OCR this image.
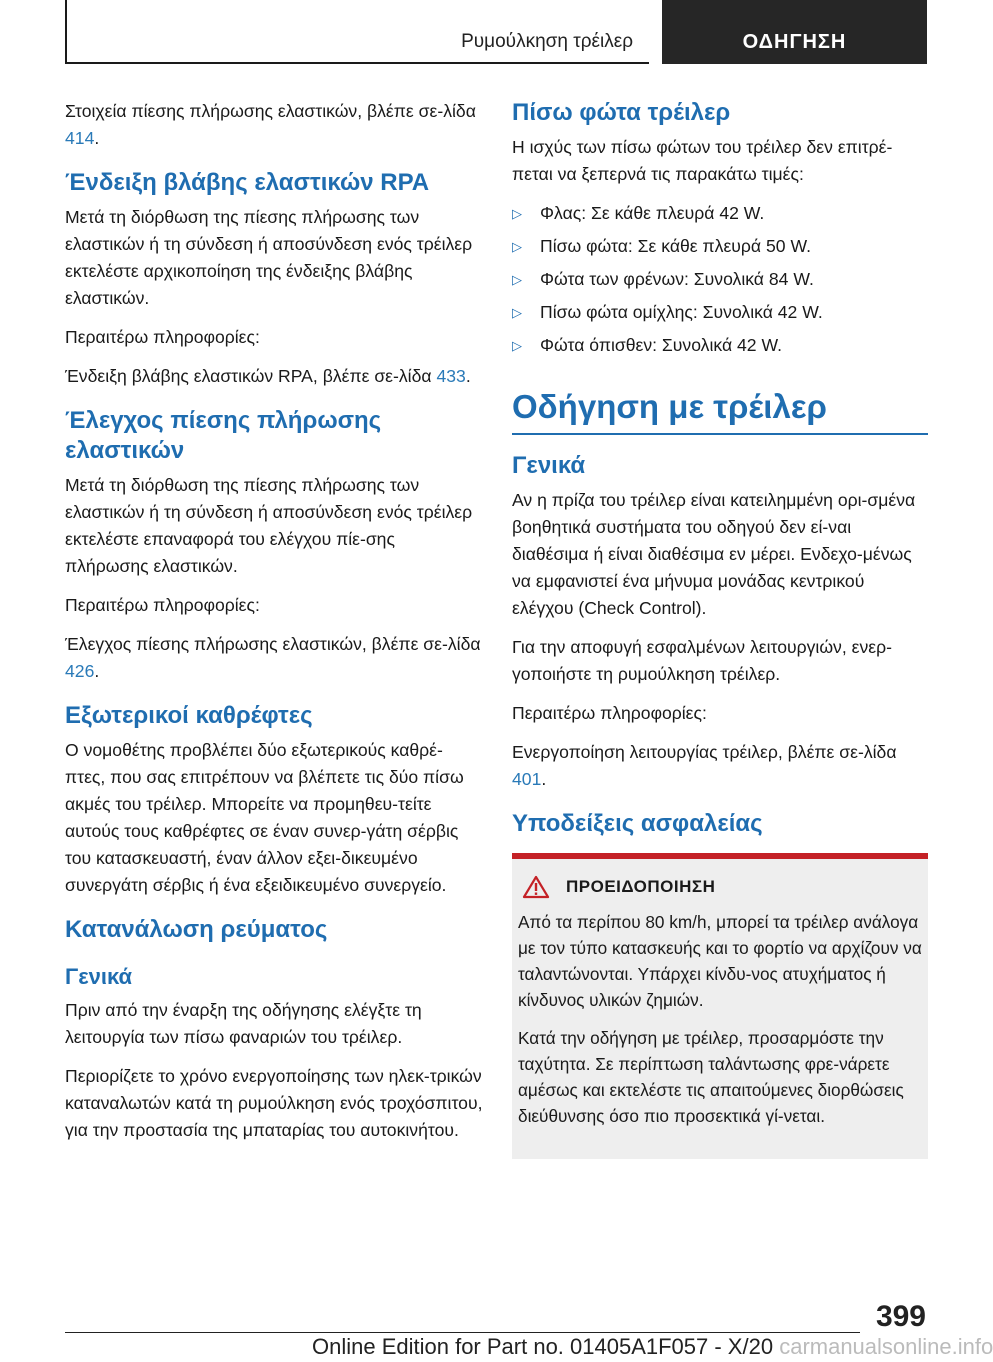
Ρυμούλκηση τρέιλερ	ΟΔΗΓΗΣΗ

Στοιχεία πίεσης πλήρωσης ελαστικών, βλέπε σε-λίδα 414.

Ένδειξη βλάβης ελαστικών RPA

Μετά τη διόρθωση της πίεσης πλήρωσης των ελαστικών ή τη σύνδεση ή αποσύνδεση ενός τρέιλερ εκτελέστε αρχικοποίηση της ένδειξης βλάβης ελαστικών.

Περαιτέρω πληροφορίες:

Ένδειξη βλάβης ελαστικών RPA, βλέπε σε-λίδα 433.

Έλεγχος πίεσης πλήρωσης ελαστικών

Μετά τη διόρθωση της πίεσης πλήρωσης των ελαστικών ή τη σύνδεση ή αποσύνδεση ενός τρέιλερ εκτελέστε επαναφορά του ελέγχου πίε-σης πλήρωσης ελαστικών.

Περαιτέρω πληροφορίες:

Έλεγχος πίεσης πλήρωσης ελαστικών, βλέπε σε-λίδα 426.

Εξωτερικοί καθρέφτες

Ο νομοθέτης προβλέπει δύο εξωτερικούς καθρέ-πτες, που σας επιτρέπουν να βλέπετε τις δύο πίσω ακμές του τρέιλερ. Μπορείτε να προμηθευ-τείτε αυτούς τους καθρέφτες σε έναν συνερ-γάτη σέρβις του κατασκευαστή, έναν άλλον εξει-δικευμένο συνεργάτη σέρβις ή ένα εξειδικευμένο συνεργείο.

Κατανάλωση ρεύματος
Γενικά

Πριν από την έναρξη της οδήγησης ελέγξτε τη λειτουργία των πίσω φαναριών του τρέιλερ.

Περιορίζετε το χρόνο ενεργοποίησης των ηλεκ-τρικών καταναλωτών κατά τη ρυμούλκηση ενός τροχόσπιτου, για την προστασία της μπαταρίας του αυτοκινήτου.

Πίσω φώτα τρέιλερ

Η ισχύς των πίσω φώτων του τρέιλερ δεν επιτρέ-πεται να ξεπερνά τις παρακάτω τιμές:

▷ Φλας: Σε κάθε πλευρά 42 W.
▷ Πίσω φώτα: Σε κάθε πλευρά 50 W.
▷ Φώτα των φρένων: Συνολικά 84 W.
▷ Πίσω φώτα ομίχλης: Συνολικά 42 W.
▷ Φώτα όπισθεν: Συνολικά 42 W.
Οδήγηση με τρέιλερ
Γενικά

Αν η πρίζα του τρέιλερ είναι κατειλημμένη ορι-σμένα βοηθητικά συστήματα του οδηγού δεν εί-ναι διαθέσιμα ή είναι διαθέσιμα εν μέρει. Ενδεχο-μένως να εμφανιστεί ένα μήνυμα μονάδας κεντρικού ελέγχου (Check Control).

Για την αποφυγή εσφαλμένων λειτουργιών, ενερ-γοποιήστε τη ρυμούλκηση τρέιλερ.

Περαιτέρω πληροφορίες:

Ενεργοποίηση λειτουργίας τρέιλερ, βλέπε σε-λίδα 401.

Υποδείξεις ασφαλείας
ΠΡΟΕΙΔΟΠΟΙΗΣΗ

Από τα περίπου 80 km/h, μπορεί τα τρέιλερ ανάλογα με τον τύπο κατασκευής και το φορτίο να αρχίζουν να ταλαντώνονται. Υπάρχει κίνδυ-νος ατυχήματος ή κίνδυνος υλικών ζημιών.

Κατά την οδήγηση με τρέιλερ, προσαρμόστε την ταχύτητα. Σε περίπτωση ταλάντωσης φρε-νάρετε αμέσως και εκτελέστε τις απαιτούμενες διορθώσεις διεύθυνσης όσο πιο προσεκτικά γί-νεται.

399
Online Edition for Part no. 01405A1F057 - X/20 carmanualsonline.info
